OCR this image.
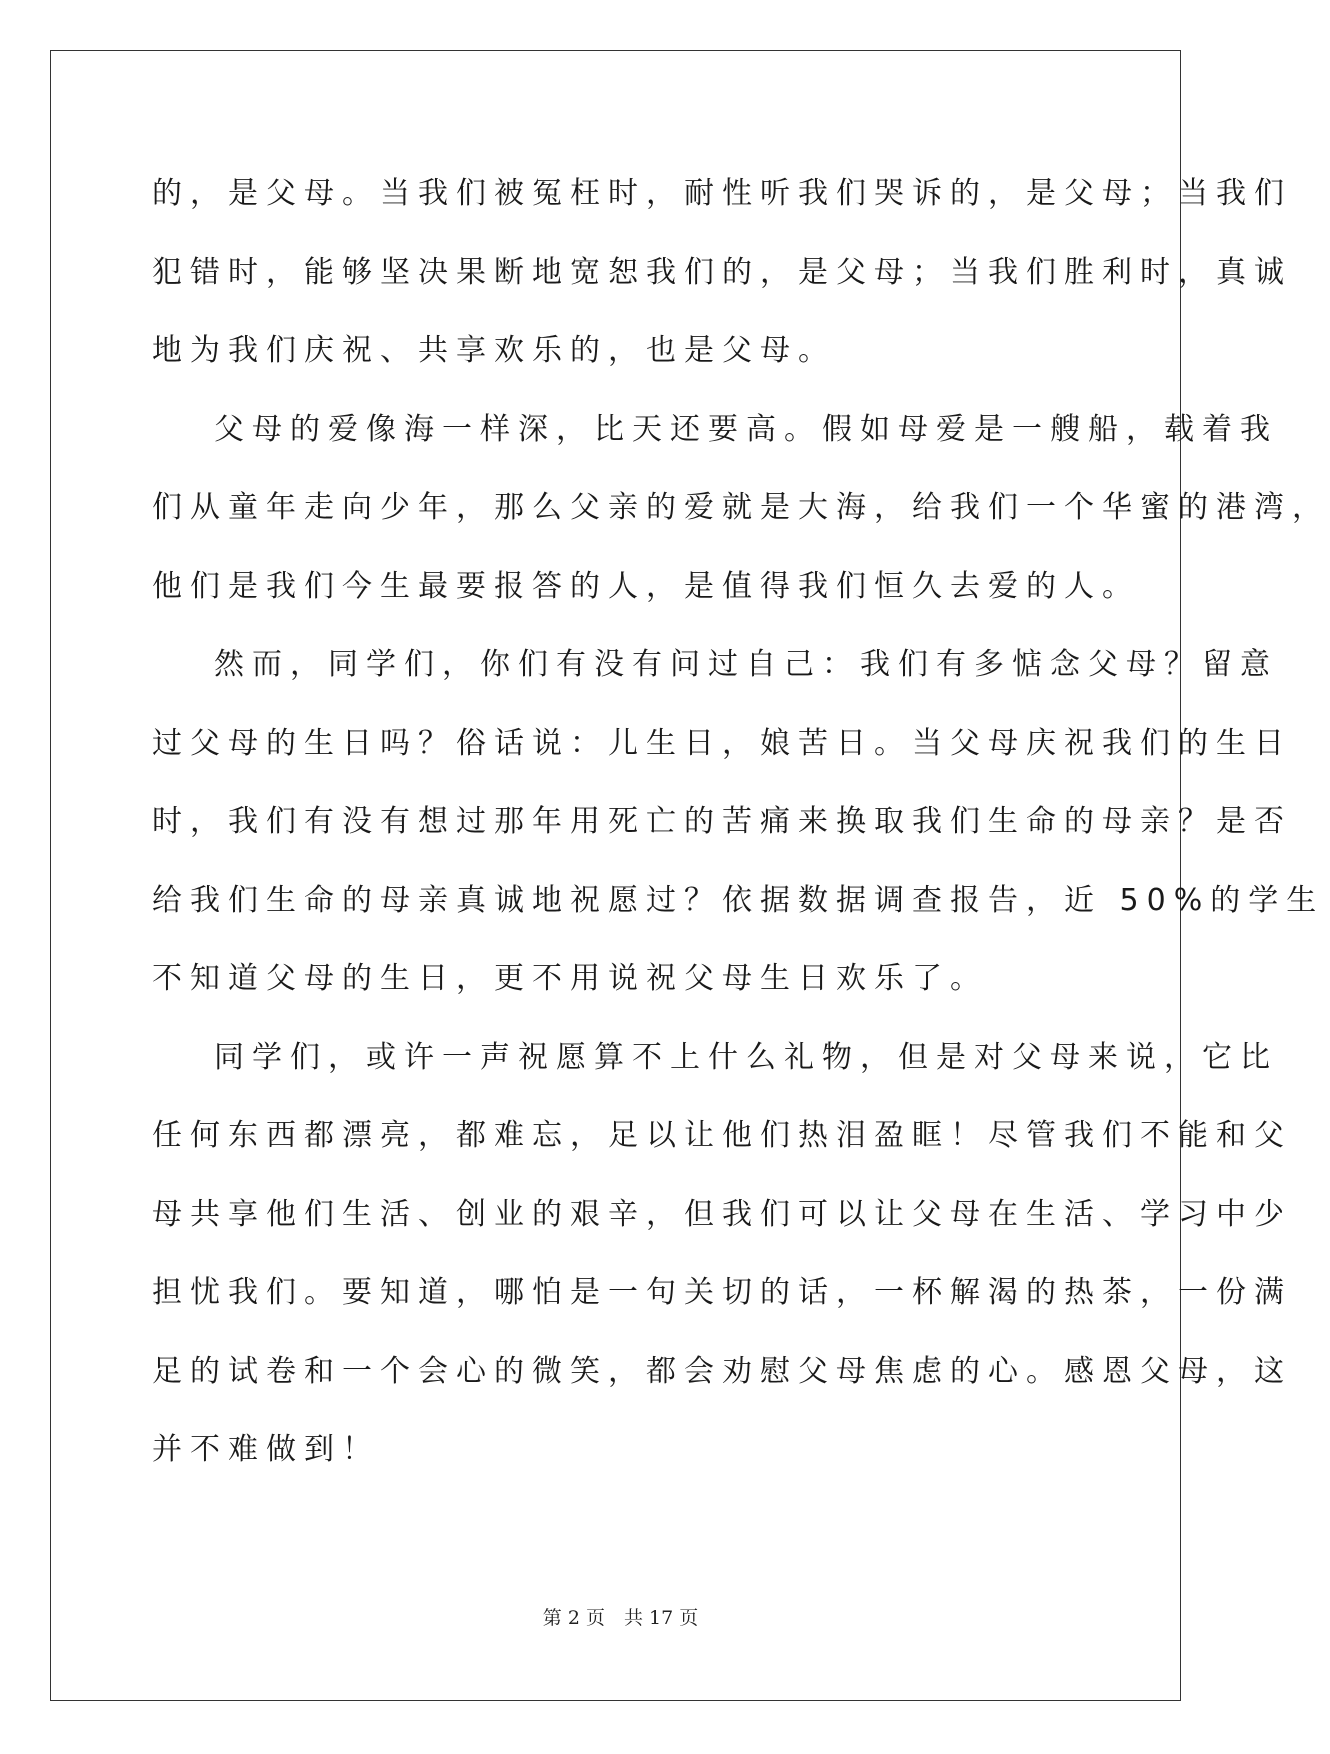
的，是父母。当我们被冤枉时，耐性听我们哭诉的，是父母；当我们
犯错时，能够坚决果断地宽恕我们的，是父母；当我们胜利时，真诚
地为我们庆祝、共享欢乐的，也是父母。
父母的爱像海一样深，比天还要高。假如母爱是一艘船，载着我
们从童年走向少年，那么父亲的爱就是大海，给我们一个华蜜的港湾，
他们是我们今生最要报答的人，是值得我们恒久去爱的人。
然而，同学们，你们有没有问过自己：我们有多惦念父母？留意
过父母的生日吗？俗话说：儿生日，娘苦日。当父母庆祝我们的生日
时，我们有没有想过那年用死亡的苦痛来换取我们生命的母亲？是否
给我们生命的母亲真诚地祝愿过？依据数据调查报告，近 50%的学生
不知道父母的生日，更不用说祝父母生日欢乐了。
同学们，或许一声祝愿算不上什么礼物，但是对父母来说，它比
任何东西都漂亮，都难忘，足以让他们热泪盈眶！尽管我们不能和父
母共享他们生活、创业的艰辛，但我们可以让父母在生活、学习中少
担忧我们。要知道，哪怕是一句关切的话，一杯解渴的热茶，一份满
足的试卷和一个会心的微笑，都会劝慰父母焦虑的心。感恩父母，这
并不难做到！
第 2 页　共 17 页
